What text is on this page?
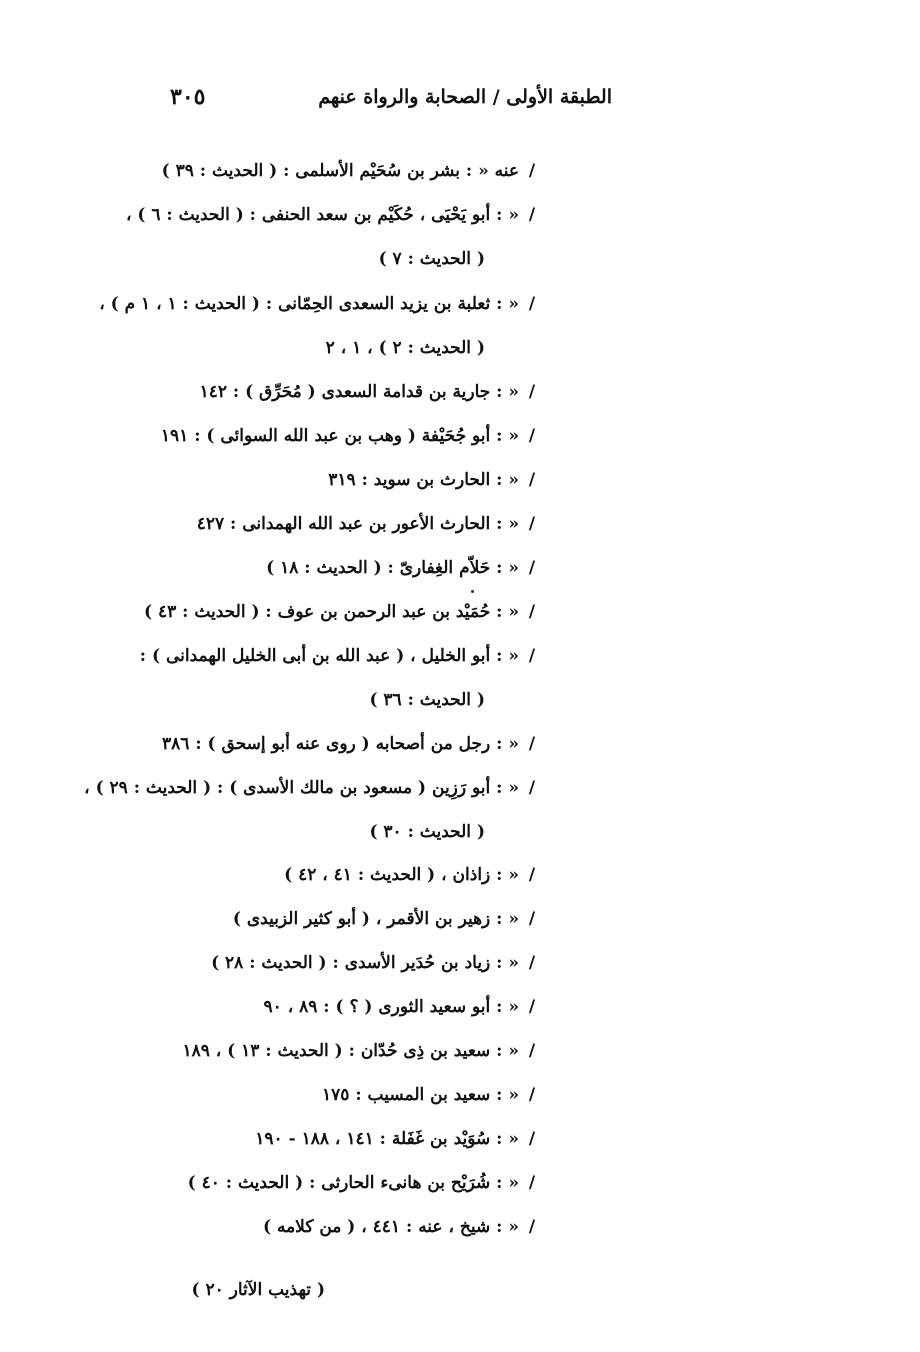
الطبقة الأولى / الصحابة والرواة عنهم
٣٠٥
/عنه « : بشر بن سُحَيْم الأسلمى : ( الحديث : ٣٩ )
/« : أبو يَحْيَى ، حُكَيْم بن سعد الحنفى : ( الحديث : ٦ ) ،
( الحديث : ٧ )
/« : ثعلبة بن يزيد السعدى الحِمّانى : ( الحديث : ١ ، ١ م ) ،
( الحديث : ٢ ) ، ١ ، ٢
/« : جارية بن قدامة السعدى ( مُحَرِّق ) : ١٤٢
/« : أبو جُحَيْفة ( وهب بن عبد الله السوائى ) : ١٩١
/« : الحارث بن سويد : ٣١٩
/« : الحارث الأعور بن عبد الله الهمدانى : ٤٢٧
/« : حَلاّم الغِفارىّ : ( الحديث : ١٨ )
/« : حُمَيْد بن عبد الرحمن بن عوف : ( الحديث : ٤٣ )
/« : أبو الخليل ، ( عبد الله بن أبى الخليل الهمدانى ) :
( الحديث : ٣٦ )
/« : رجل من أصحابه ( روى عنه أبو إسحق ) : ٣٨٦
/« : أبو رَزِين ( مسعود بن مالك الأسدى ) : ( الحديث : ٢٩ ) ،
( الحديث : ٣٠ )
/« : زاذان ، ( الحديث : ٤١ ، ٤٢ )
/« : زهير بن الأقمر ، ( أبو كثير الزبيدى )
/« : زياد بن حُدَير الأسدى : ( الحديث : ٢٨ )
/« : أبو سعيد الثورى ( ؟ ) : ٨٩ ، ٩٠
/« : سعيد بن ذِى حُدّان : ( الحديث : ١٣ ) ، ١٨٩
/« : سعيد بن المسيب : ١٧٥
/« : سُوَيْد بن غَفَلة : ١٤١ ، ١٨٨ - ١٩٠
/« : شُرَيْح بن هانىء الحارثى : ( الحديث : ٤٠ )
/« : شيخ ، عنه : ٤٤١ ، ( من كلامه )
( تهذيب الآثار ٢٠ )
